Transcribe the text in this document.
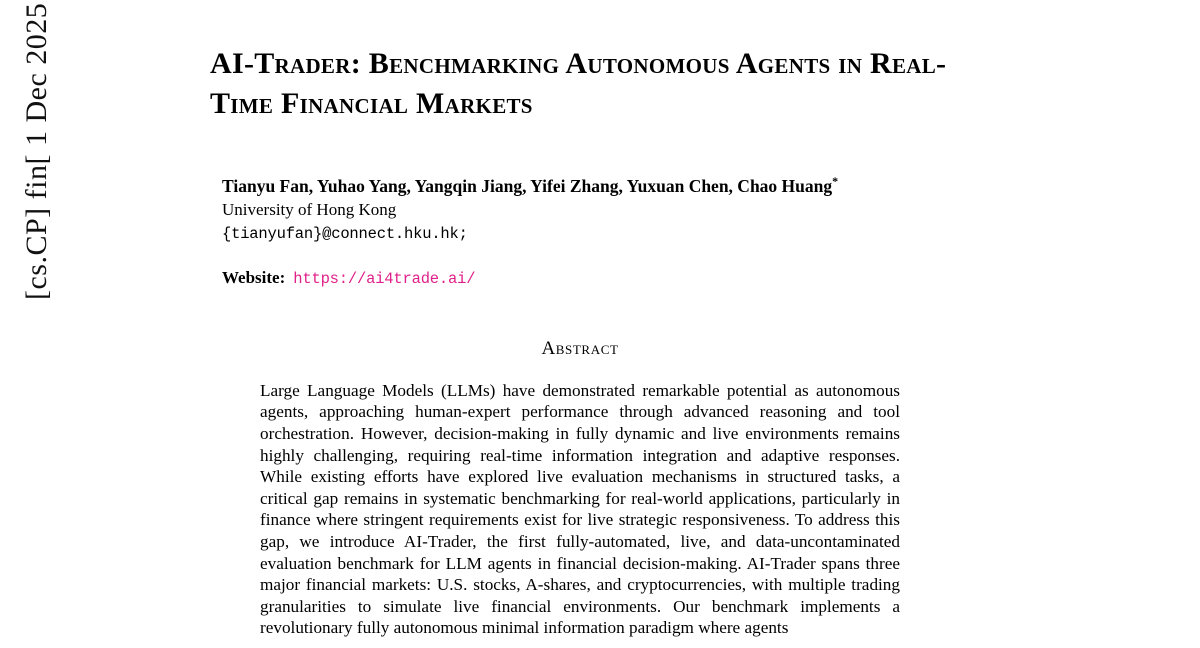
[cs.CP] fin[ 1 Dec 2025	AI-Trader: Benchmarking Autonomous Agents in Real-Time Financial Markets
Tianyu Fan, Yuhao Yang, Yangqin Jiang, Yifei Zhang, Yuxuan Chen, Chao Huang*
University of Hong Kong
{tianyufan}@connect.hku.hk;
Website: https://ai4trade.ai/
Abstract
Large Language Models (LLMs) have demonstrated remarkable potential as autonomous agents, approaching human-expert performance through advanced reasoning and tool orchestration. However, decision-making in fully dynamic and live environments remains highly challenging, requiring real-time information integration and adaptive responses. While existing efforts have explored live evaluation mechanisms in structured tasks, a critical gap remains in systematic benchmarking for real-world applications, particularly in finance where stringent requirements exist for live strategic responsiveness. To address this gap, we introduce AI-Trader, the first fully-automated, live, and data-uncontaminated evaluation benchmark for LLM agents in financial decision-making. AI-Trader spans three major financial markets: U.S. stocks, A-shares, and cryptocurrencies, with multiple trading granularities to simulate live financial environments. Our benchmark implements a revolutionary fully autonomous minimal information paradigm where agents
